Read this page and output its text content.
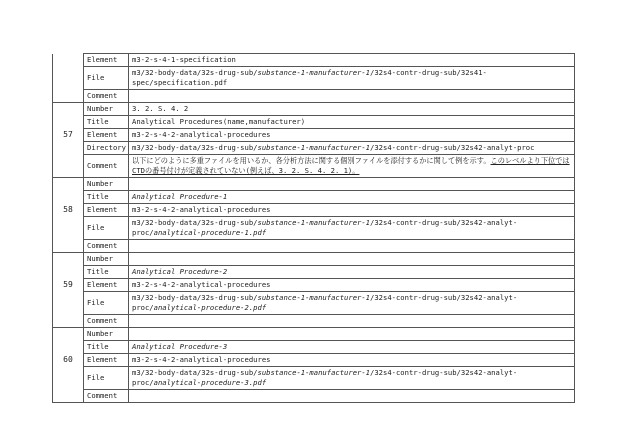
	Element	m3-2-s-4-1-specification
	File	m3/32-body-data/32s-drug-sub/substance-1-manufacturer-1/32s4-contr-drug-sub/32s41-spec/specification.pdf
	Comment	
	Number	3. 2. S. 4. 2
	Title	Analytical Procedures(name,manufacturer)
57	Element	m3-2-s-4-2-analytical-procedures
	Directory	m3/32-body-data/32s-drug-sub/substance-1-manufacturer-1/32s4-contr-drug-sub/32s42-analyt-proc
	Comment	以下にどのように多重ファイルを用いるか、各分析方法に関する個別ファイルを添付するかに関して例を示す。このレベルより下位ではCTDの番号付けが定義されていない(例えば、3. 2. S. 4. 2. 1)。
	Number	
	Title	Analytical Procedure-1
58	Element	m3-2-s-4-2-analytical-procedures
	File	m3/32-body-data/32s-drug-sub/substance-1-manufacturer-1/32s4-contr-drug-sub/32s42-analyt-proc/analytical-procedure-1.pdf
	Comment	
	Number	
	Title	Analytical Procedure-2
59	Element	m3-2-s-4-2-analytical-procedures
	File	m3/32-body-data/32s-drug-sub/substance-1-manufacturer-1/32s4-contr-drug-sub/32s42-analyt-proc/analytical-procedure-2.pdf
	Comment	
	Number	
	Title	Analytical Procedure-3
60	Element	m3-2-s-4-2-analytical-procedures
	File	m3/32-body-data/32s-drug-sub/substance-1-manufacturer-1/32s4-contr-drug-sub/32s42-analyt-proc/analytical-procedure-3.pdf
	Comment	
